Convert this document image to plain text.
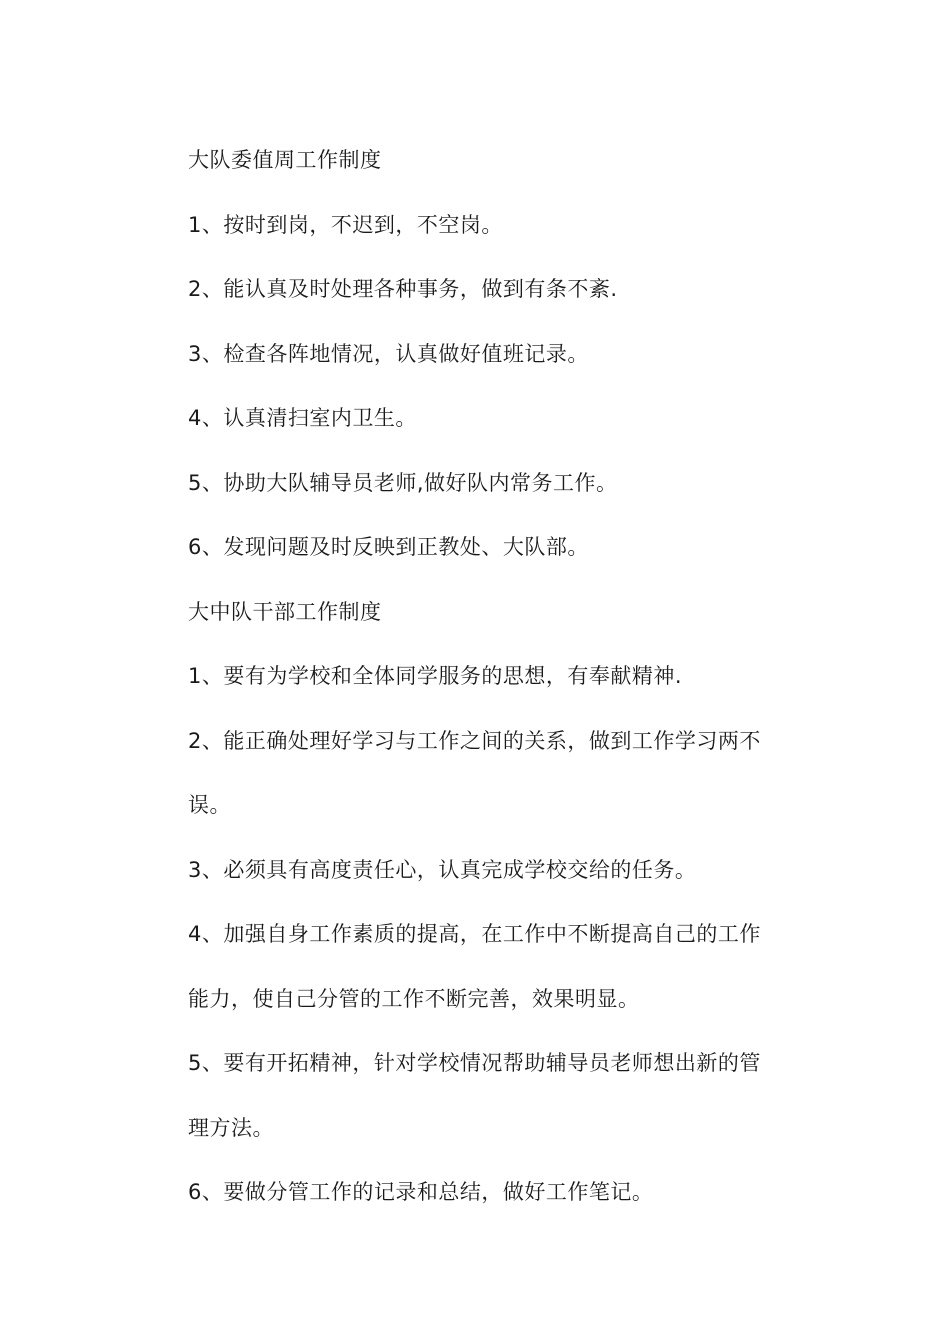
大队委值周工作制度
1、按时到岗，不迟到，不空岗。
2、能认真及时处理各种事务，做到有条不紊.
3、检查各阵地情况，认真做好值班记录。
4、认真清扫室内卫生。
5、协助大队辅导员老师,做好队内常务工作。
6、发现问题及时反映到正教处、大队部。
大中队干部工作制度
1、要有为学校和全体同学服务的思想，有奉献精神.
2、能正确处理好学习与工作之间的关系，做到工作学习两不
误。
3、必须具有高度责任心，认真完成学校交给的任务。
4、加强自身工作素质的提高，在工作中不断提高自己的工作
能力，使自己分管的工作不断完善，效果明显。
5、要有开拓精神，针对学校情况帮助辅导员老师想出新的管
理方法。
6、要做分管工作的记录和总结，做好工作笔记。
